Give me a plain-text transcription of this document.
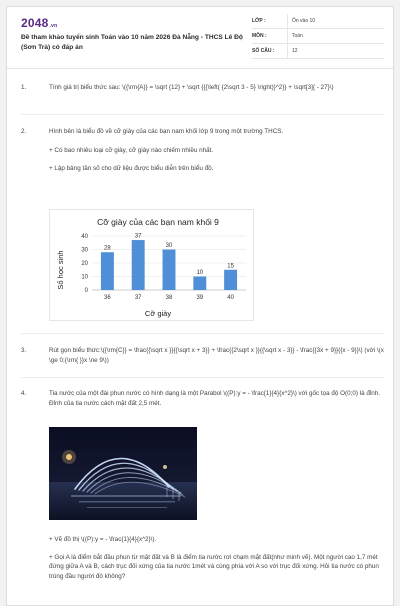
2048.vn
Đề tham khảo tuyển sinh Toán vào 10 năm 2026 Đà Nẵng - THCS Lê Độ (Sơn Trà) có đáp án
LỚP :	Ôn vào 10
MÔN :	Toán
SỐ CÂU :	12
1.	Tính giá trị biểu thức sau: \({\rm{A}} = \sqrt {12} + \sqrt {{{\left( {2\sqrt 3 - 5} \right)}^2}} + \sqrt[3]{ - 27}\)

2.	Hình bên là biểu đồ về cỡ giày của các bạn nam khối lớp 9 trong một trường THCS.

+ Có bao nhiêu loại cỡ giày, cỡ giày nào chiếm nhiều nhất.

+ Lập bảng tần số cho dữ liệu được biểu diễn trên biểu đồ.

Cỡ giày của các bạn nam khối 9
0
10
20
30
40
28
37
30
10
15
36	37	38	39	40
Cỡ giày
Số học sinh
3.	Rút gọn biểu thức:\({\rm{C}} = \frac{{\sqrt x }}{{\sqrt x + 3}} + \frac{{2\sqrt x }}{{\sqrt x - 3}} - \frac{{3x + 9}}{{x - 9}}\) (với \(x \ge 0;{\rm{ }}x \ne 9\))

4.	Tia nước của một đài phun nước có hình dạng là một Parabol \((P):y = - \frac{1}{4}{x^2}\) với gốc tọa độ O(0;0) là đỉnh. Đỉnh của tia nước cách mặt đất 2,5 mét.

+ Vẽ đồ thị \((P):y = - \frac{1}{4}{x^2}\).

+ Gọi A là điểm bắt đầu phun từ mặt đất và B là điểm tia nước rơi chạm mặt đất(như minh vẽ). Một người cao 1,7 mét đứng giữa A và B, cách trục đối xứng của tia nước 1mét và cùng phía với A so với trục đối xứng. Hỏi tia nước có phun trúng đầu người đó không?
